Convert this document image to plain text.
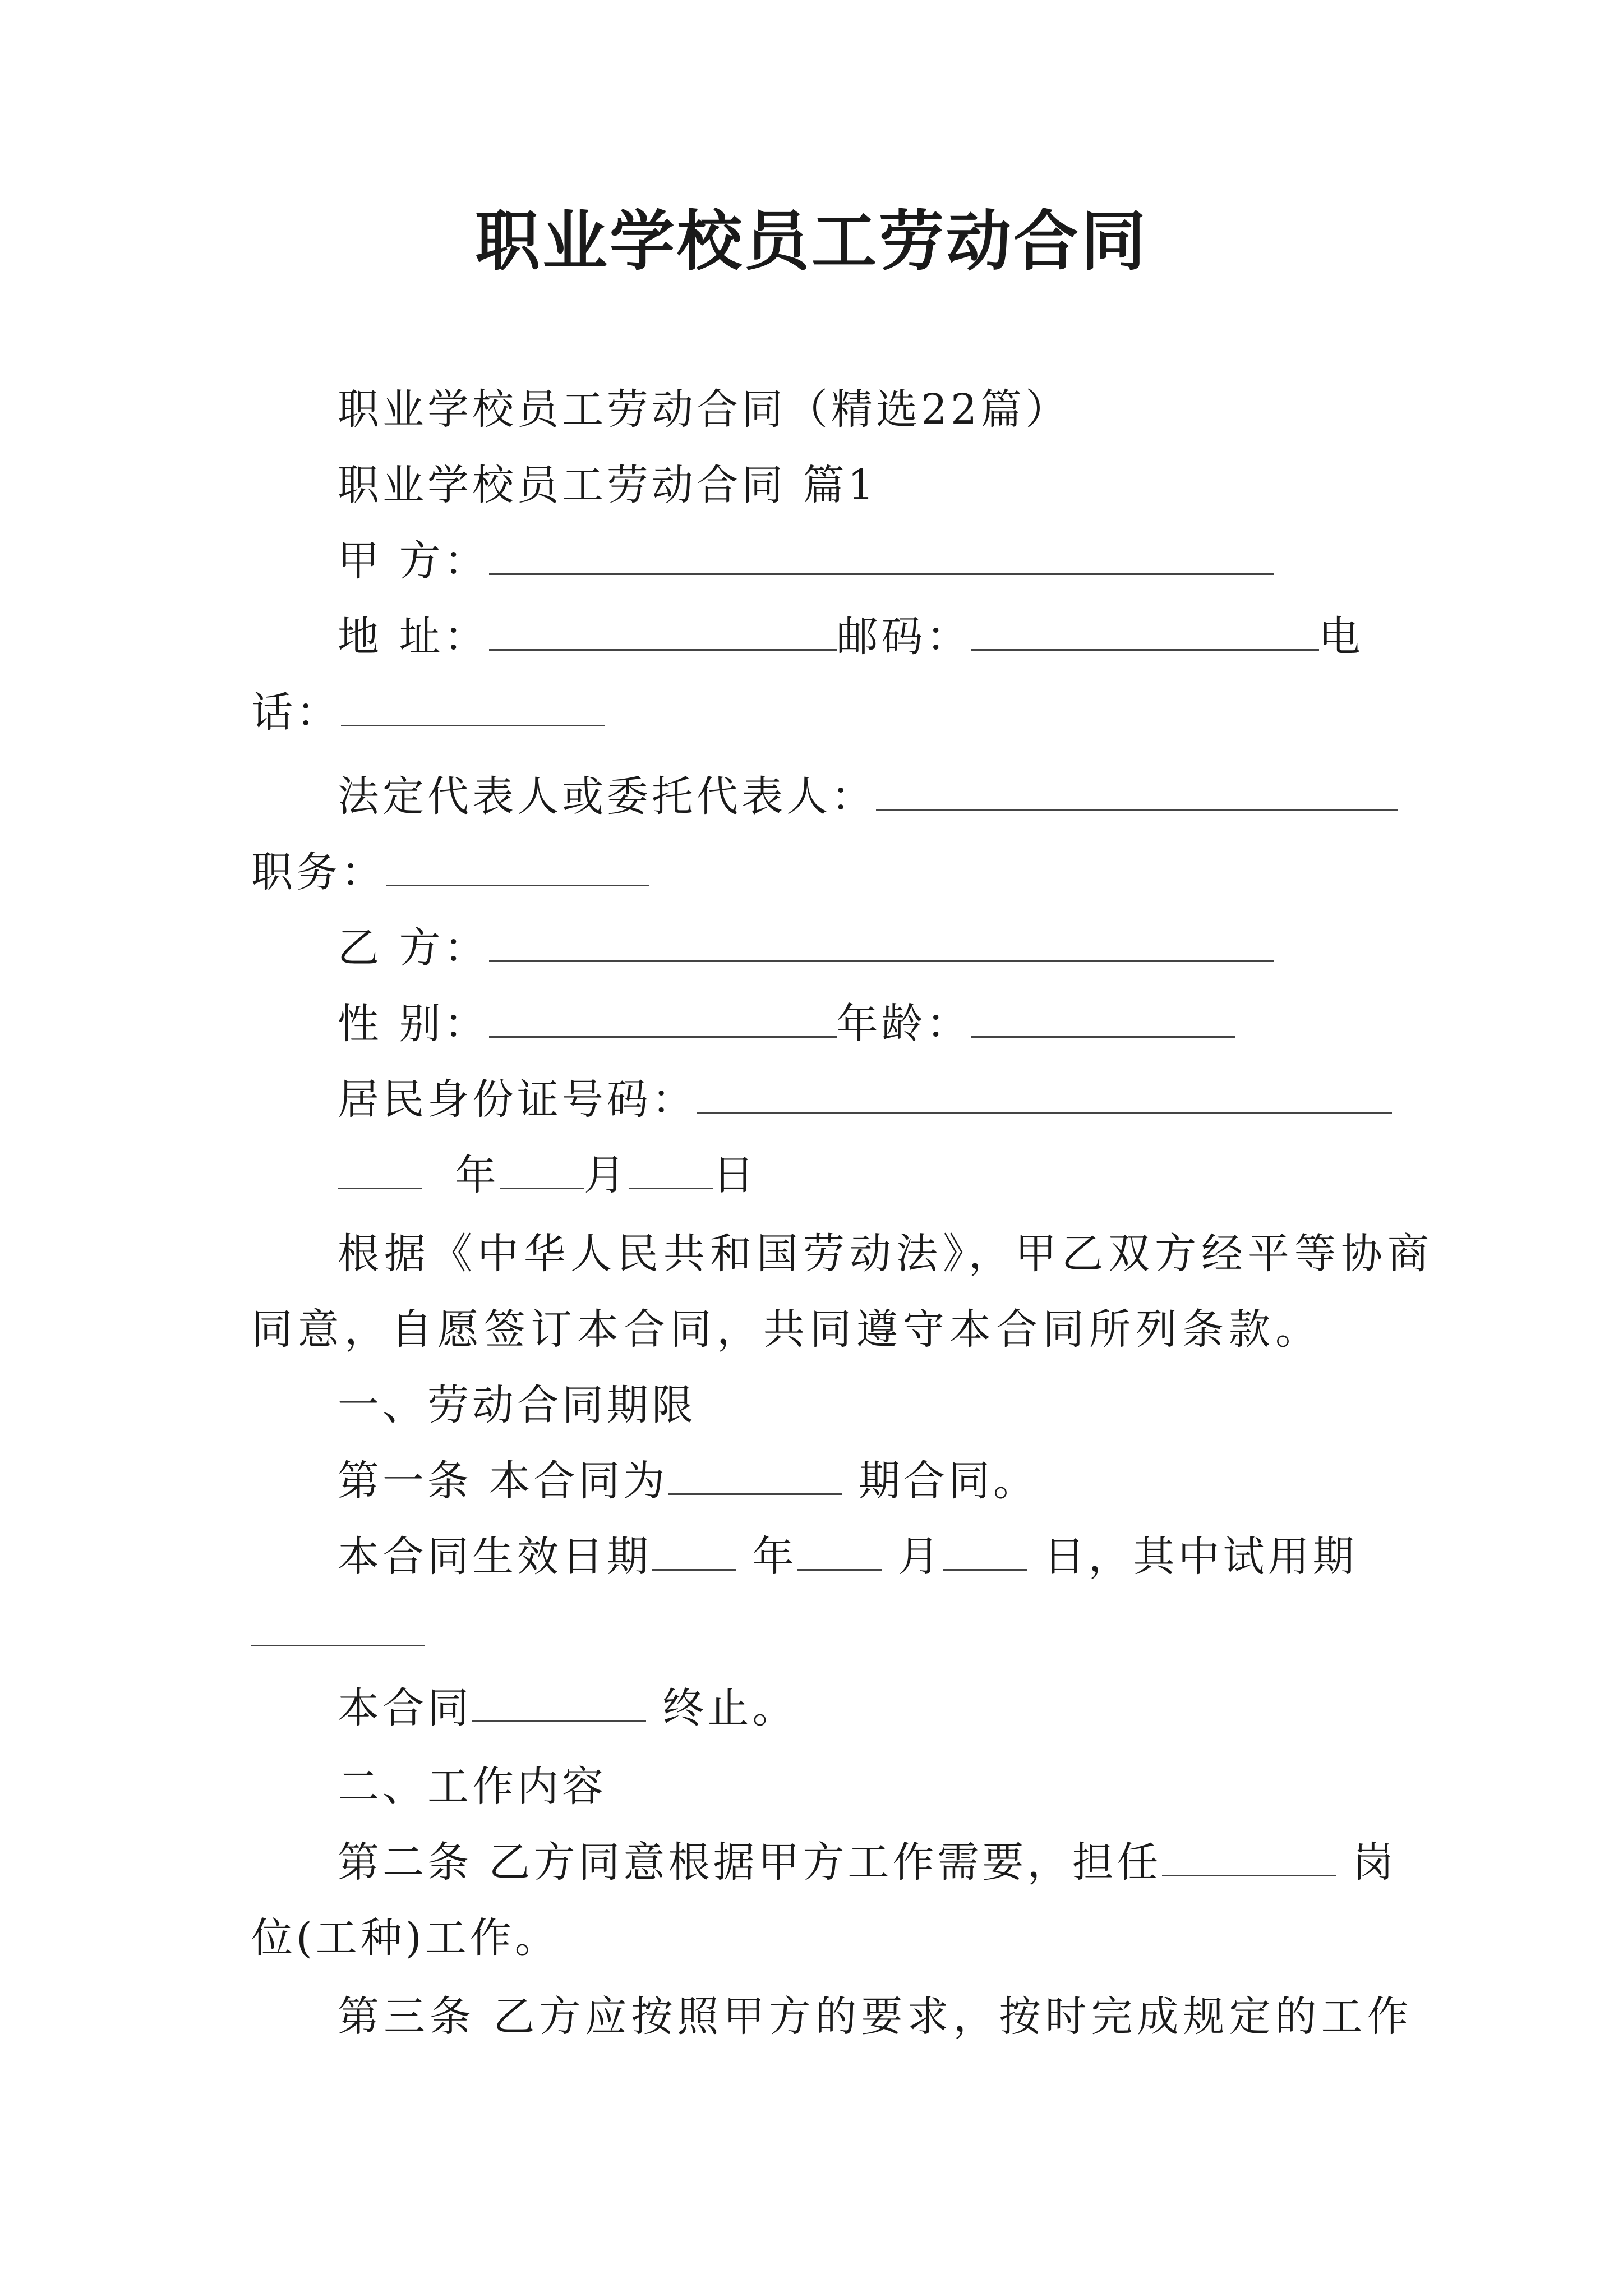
职业学校员工劳动合同
职业学校员工劳动合同（精选22篇）
职业学校员工劳动合同 篇1
甲 方：
地 址：	邮码：	电
话：
法定代表人或委托代表人：
职务：
乙 方：
性 别：	年龄：
居民身份证号码：
年 月 日
根据《中华人民共和国劳动法》，甲乙双方经平等协商
同意，自愿签订本合同，共同遵守本合同所列条款。
一、劳动合同期限
第一条 本合同为	期合同。
本合同生效日期 年 月 日，其中试用期
本合同	终止。
二、工作内容
第二条 乙方同意根据甲方工作需要，担任	岗
位(工种)工作。
第三条 乙方应按照甲方的要求，按时完成规定的工作
